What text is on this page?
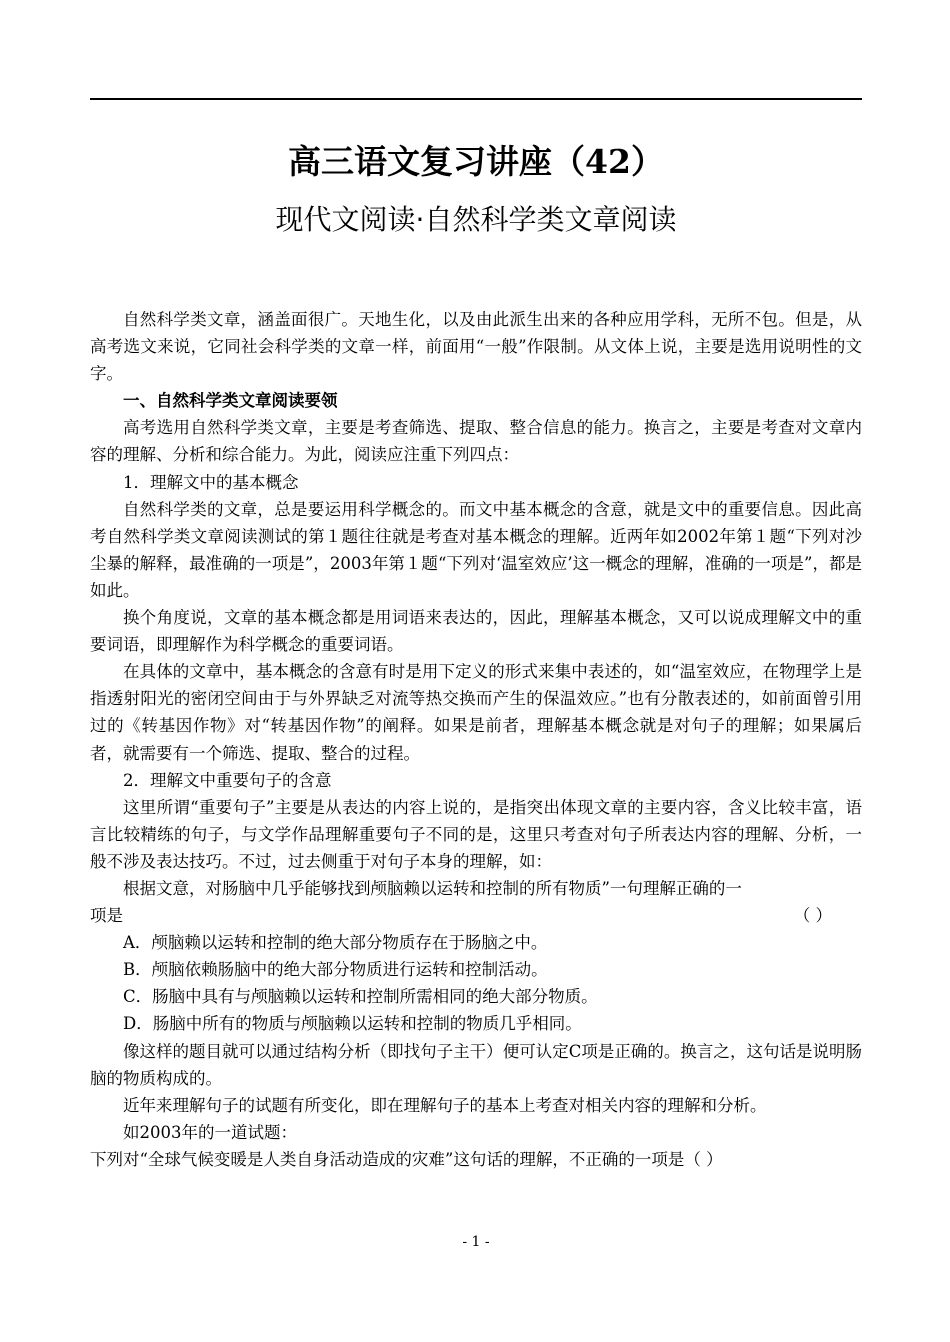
高三语文复习讲座（42）
现代文阅读·自然科学类文章阅读

自然科学类文章，涵盖面很广。天地生化，以及由此派生出来的各种应用学科，无所不包。但是，从高考选文来说，它同社会科学类的文章一样，前面用“一般”作限制。从文体上说，主要是选用说明性的文字。

一、自然科学类文章阅读要领

高考选用自然科学类文章，主要是考查筛选、提取、整合信息的能力。换言之，主要是考查对文章内容的理解、分析和综合能力。为此，阅读应注重下列四点：

1．理解文中的基本概念

自然科学类的文章，总是要运用科学概念的。而文中基本概念的含意，就是文中的重要信息。因此高考自然科学类文章阅读测试的第１题往往就是考查对基本概念的理解。近两年如2002年第１题“下列对沙尘暴的解释，最准确的一项是”，2003年第１题“下列对‘温室效应’这一概念的理解，准确的一项是”，都是如此。

换个角度说，文章的基本概念都是用词语来表达的，因此，理解基本概念，又可以说成理解文中的重要词语，即理解作为科学概念的重要词语。

在具体的文章中，基本概念的含意有时是用下定义的形式来集中表述的，如“温室效应，在物理学上是指透射阳光的密闭空间由于与外界缺乏对流等热交换而产生的保温效应。”也有分散表述的，如前面曾引用过的《转基因作物》对“转基因作物”的阐释。如果是前者，理解基本概念就是对句子的理解；如果属后者，就需要有一个筛选、提取、整合的过程。

2．理解文中重要句子的含意

这里所谓“重要句子”主要是从表达的内容上说的，是指突出体现文章的主要内容，含义比较丰富，语言比较精练的句子，与文学作品理解重要句子不同的是，这里只考查对句子所表达内容的理解、分析，一般不涉及表达技巧。不过，过去侧重于对句子本身的理解，如：

根据文意，对肠脑中几乎能够找到颅脑赖以运转和控制的所有物质”一句理解正确的一

项是	（ ）

A．颅脑赖以运转和控制的绝大部分物质存在于肠脑之中。

B．颅脑依赖肠脑中的绝大部分物质进行运转和控制活动。

C．肠脑中具有与颅脑赖以运转和控制所需相同的绝大部分物质。

D．肠脑中所有的物质与颅脑赖以运转和控制的物质几乎相同。

像这样的题目就可以通过结构分析（即找句子主干）便可认定C项是正确的。换言之，这句话是说明肠脑的物质构成的。

近年来理解句子的试题有所变化，即在理解句子的基本上考查对相关内容的理解和分析。

如2003年的一道试题：

下列对“全球气候变暖是人类自身活动造成的灾难”这句话的理解，不正确的一项是（ ）

- 1 -
